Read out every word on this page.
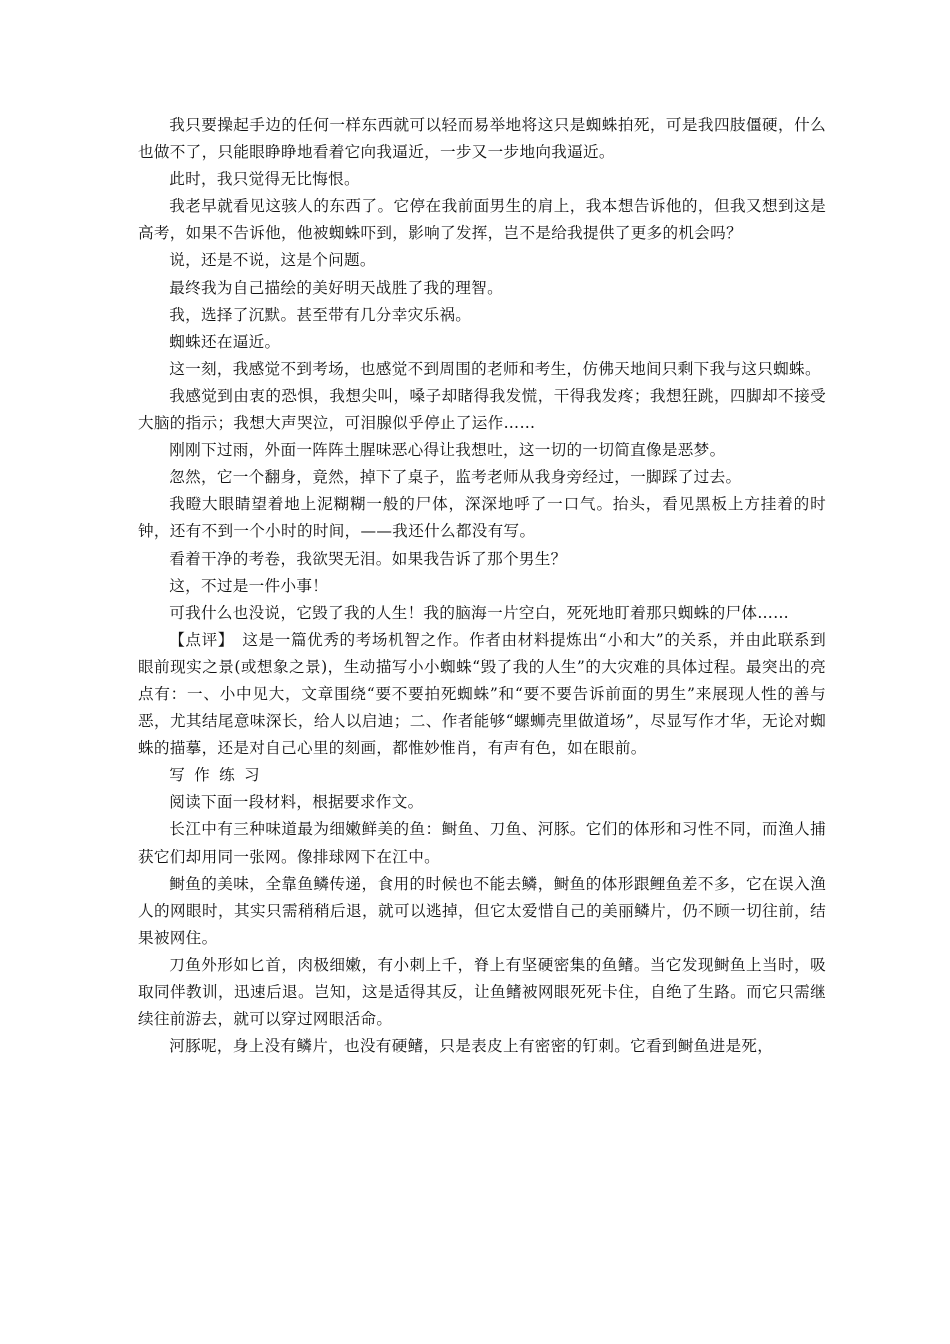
我只要操起手边的任何一样东西就可以轻而易举地将这只是蜘蛛拍死，可是我四肢僵硬，什么也做不了，只能眼睁睁地看着它向我逼近，一步又一步地向我逼近。

此时，我只觉得无比悔恨。

我老早就看见这骇人的东西了。它停在我前面男生的肩上，我本想告诉他的，但我又想到这是高考，如果不告诉他，他被蜘蛛吓到，影响了发挥，岂不是给我提供了更多的机会吗？

说，还是不说，这是个问题。

最终我为自己描绘的美好明天战胜了我的理智。

我，选择了沉默。甚至带有几分幸灾乐祸。

蜘蛛还在逼近。

这一刻，我感觉不到考场，也感觉不到周围的老师和考生，仿佛天地间只剩下我与这只蜘蛛。

我感觉到由衷的恐惧，我想尖叫，嗓子却睹得我发慌，干得我发疼；我想狂跳，四脚却不接受大脑的指示；我想大声哭泣，可泪腺似乎停止了运作……

刚刚下过雨，外面一阵阵土腥味恶心得让我想吐，这一切的一切简直像是恶梦。

忽然，它一个翻身，竟然，掉下了桌子，监考老师从我身旁经过，一脚踩了过去。

我瞪大眼睛望着地上泥糊糊一般的尸体，深深地呼了一口气。抬头，看见黑板上方挂着的时钟，还有不到一个小时的时间，——我还什么都没有写。

看着干净的考卷，我欲哭无泪。如果我告诉了那个男生？

这，不过是一件小事！

可我什么也没说，它毁了我的人生！我的脑海一片空白，死死地盯着那只蜘蛛的尸体……

【点评】　这是一篇优秀的考场机智之作。作者由材料提炼出“小和大”的关系，并由此联系到眼前现实之景(或想象之景)，生动描写小小蜘蛛“毁了我的人生”的大灾难的具体过程。最突出的亮点有：一、小中见大，文章围绕“要不要拍死蜘蛛”和“要不要告诉前面的男生”来展现人性的善与恶，尤其结尾意味深长，给人以启迪；二、作者能够“螺蛳壳里做道场”，尽显写作才华，无论对蜘蛛的描摹，还是对自己心里的刻画，都惟妙惟肖，有声有色，如在眼前。

写作练习

阅读下面一段材料，根据要求作文。

长江中有三种味道最为细嫩鲜美的鱼：鲥鱼、刀鱼、河豚。它们的体形和习性不同，而渔人捕获它们却用同一张网。像排球网下在江中。

鲥鱼的美味，全靠鱼鳞传递，食用的时候也不能去鳞，鲥鱼的体形跟鲤鱼差不多，它在误入渔人的网眼时，其实只需稍稍后退，就可以逃掉，但它太爱惜自己的美丽鳞片，仍不顾一切往前，结果被网住。

刀鱼外形如匕首，肉极细嫩，有小刺上千，脊上有坚硬密集的鱼鳍。当它发现鲥鱼上当时，吸取同伴教训，迅速后退。岂知，这是适得其反，让鱼鳍被网眼死死卡住，自绝了生路。而它只需继续往前游去，就可以穿过网眼活命。

河豚呢，身上没有鳞片，也没有硬鳍，只是表皮上有密密的钉刺。它看到鲥鱼进是死，
